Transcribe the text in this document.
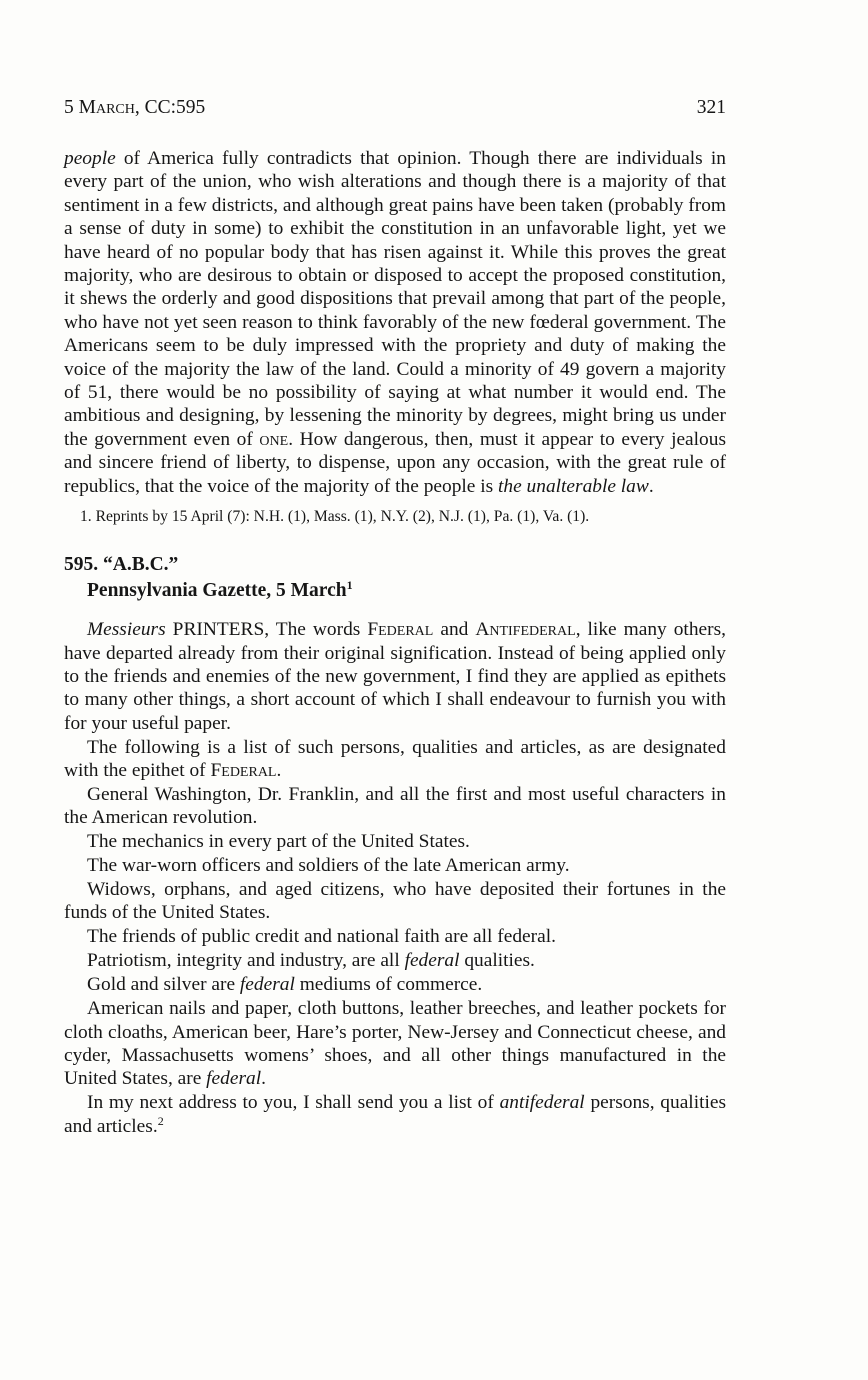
5 March, CC:595	321

people of America fully contradicts that opinion. Though there are individuals in every part of the union, who wish alterations and though there is a majority of that sentiment in a few districts, and although great pains have been taken (probably from a sense of duty in some) to exhibit the constitution in an unfavorable light, yet we have heard of no popular body that has risen against it. While this proves the great majority, who are desirous to obtain or disposed to accept the proposed constitution, it shews the orderly and good dispositions that prevail among that part of the people, who have not yet seen reason to think favorably of the new fœderal government. The Americans seem to be duly impressed with the propriety and duty of making the voice of the majority the law of the land. Could a minority of 49 govern a majority of 51, there would be no possibility of saying at what number it would end. The ambitious and designing, by lessening the minority by degrees, might bring us under the government even of one. How dangerous, then, must it appear to every jealous and sincere friend of liberty, to dispense, upon any occasion, with the great rule of republics, that the voice of the majority of the people is the unalterable law.

1. Reprints by 15 April (7): N.H. (1), Mass. (1), N.Y. (2), N.J. (1), Pa. (1), Va. (1).
595. “A.B.C.”
Pennsylvania Gazette, 5 March$^1$

Messieurs PRINTERS, The words Federal and Antifederal, like many others, have departed already from their original signification. Instead of being applied only to the friends and enemies of the new government, I find they are applied as epithets to many other things, a short account of which I shall endeavour to furnish you with for your useful paper.

The following is a list of such persons, qualities and articles, as are designated with the epithet of Federal.

General Washington, Dr. Franklin, and all the first and most useful characters in the American revolution.

The mechanics in every part of the United States.

The war-worn officers and soldiers of the late American army.

Widows, orphans, and aged citizens, who have deposited their fortunes in the funds of the United States.

The friends of public credit and national faith are all federal.

Patriotism, integrity and industry, are all federal qualities.

Gold and silver are federal mediums of commerce.

American nails and paper, cloth buttons, leather breeches, and leather pockets for cloth cloaths, American beer, Hare’s porter, New-Jersey and Connecticut cheese, and cyder, Massachusetts womens’ shoes, and all other things manufactured in the United States, are federal.

In my next address to you, I shall send you a list of antifederal persons, qualities and articles.$^2$
